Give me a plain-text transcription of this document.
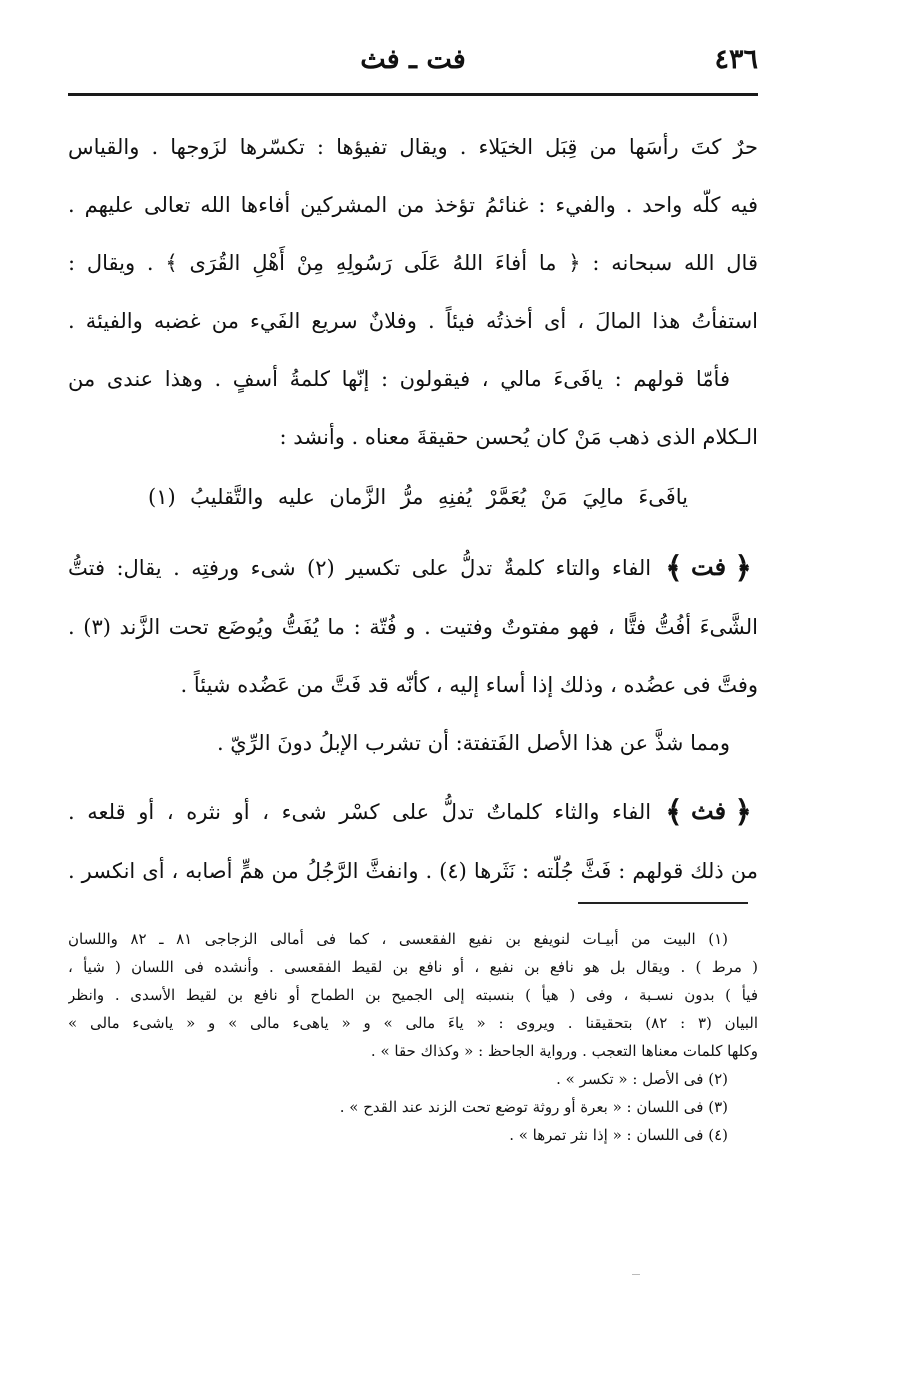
٤٣٦
فت ـ فث
حرٌ كتَ رأسَها من قِبَل الخيَلاء . ويقال تفيؤها : تكسّرها لزَوجها . والقياس
فيه كلّه واحد . والفيء : غنائمُ تؤخذ من المشركين أفاءها الله تعالى عليهم .
قال الله سبحانه : ﴿ ما أفاءَ اللهُ عَلَى رَسُولِهِ مِنْ أَهْلِ القُرَى ﴾ . ويقال :
استفأتُ هذا المالَ ، أى أخذتُه فيئاً . وفلانٌ سريع الفَيء من غضبه والفيئة .
فأمّا قولهم : يافَىءَ مالي ، فيقولون : إنّها كلمةُ أسفٍ . وهذا عندى من
الـكلام الذى ذهب مَنْ كان يُحسن حقيقةَ معناه . وأنشد :
يافَىءَ مالِيَ مَنْ يُعَمَّرْ يُفنِهِ مرُّ الزَّمان عليه والتَّقليبُ (١)
﴿ فت ﴾الفاء والتاء كلمةٌ تدلُّ على تكسير (٢) شىء ورفتِه . يقال: فتتُّ
الشَّىءَ أفُتُّ فتًّا ، فهو مفتوتٌ وفتيت . و فُتّة : ما يُفَتُّ ويُوضَع تحت الزَّند (٣) .
وفتَّ فى عضُده ، وذلك إذا أساء إليه ، كأنّه قد فَتَّ من عَضُده شيئاً .
ومما شذَّ عن هذا الأصل الفَتفتة: أن تشرب الإبلُ دونَ الرِّيّ .
﴿ فث ﴾الفاء والثاء كلماتٌ تدلُّ على كسْر شىء ، أو نثره ، أو قلعه .
من ذلك قولهم : فَثَّ جُلّته : نَثَرها (٤) . وانفثَّ الرَّجُلُ من همٍّ أصابه ، أى انكسر .
(١) البيت من أبيـات لنويفع بن نفيع الفقعسى ، كما فى أمالى الزجاجى ٨١ ـ ٨٢ واللسان
( مرط ) . ويقال بل هو نافع بن نفيع ، أو نافع بن لقيط الفقعسى . وأنشده فى اللسان ( شيأ ،
فيأ ) بدون نسـبة ، وفى ( هيأ ) بنسبته إلى الجميح بن الطماح أو نافع بن لقيط الأسدى . وانظر
البيان (٣ : ٨٢) بتحقيقنا . ويروى : « ياءَ مالى » و « ياهىء مالى » و « ياشىء مالى »
وكلها كلمات معناها التعجب . ورواية الجاحظ : « وكذاك حقا » .
(٢) فى الأصل : « تكسر » .
(٣) فى اللسان : « بعرة أو روثة توضع تحت الزند عند القدح » .
(٤) فى اللسان : « إذا نثر تمرها » .
